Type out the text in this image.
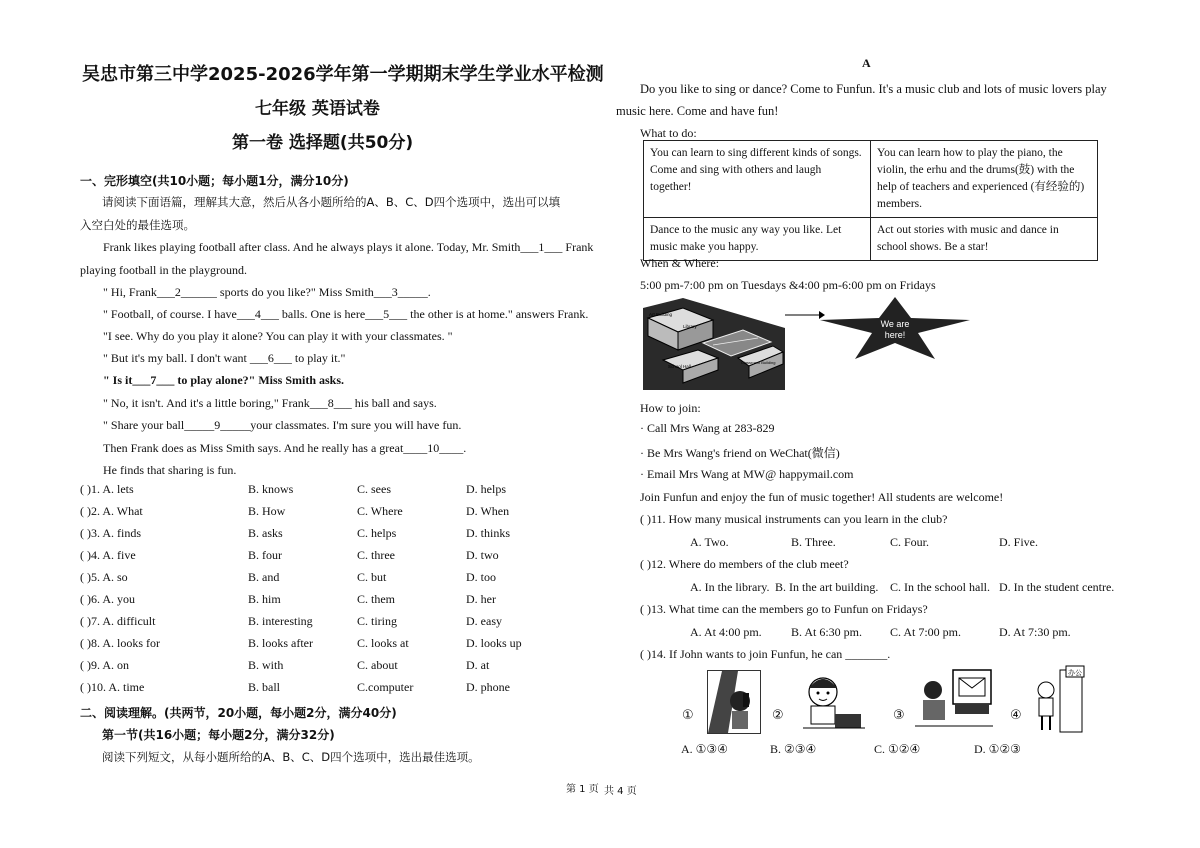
吴忠市第三中学2025-2026学年第一学期期末学生学业水平检测
七年级 英语试卷
第一卷 选择题(共50分)
一、完形填空(共10小题；每小题1分，满分10分)
请阅读下面语篇，理解其大意，然后从各小题所给的A、B、C、D四个选项中，选出可以填
入空白处的最佳选项。
Frank likes playing football after class. And he always plays it alone. Today, Mr. Smith___1___ Frank
playing football in the playground.
" Hi, Frank___2______ sports do you like?" Miss Smith___3_____.
" Football, of course. I have___4___ balls. One is here___5___ the other is at home." answers Frank.
"I see. Why do you play it alone? You can play it with your classmates. "
" But it's my ball. I don't want ___6___ to play it."
" Is it___7___ to play alone?" Miss Smith asks.
" No, it isn't. And it's a little boring," Frank___8___ his ball and says.
" Share your ball_____9_____your classmates. I'm sure you will have fun.
Then Frank does as Miss Smith says. And he really has a great____10____.
He finds that sharing is fun.
( )1. A. lets	B. knows	C. sees	D. helps
( )2. A. What	B. How	C. Where	D. When
( )3. A. finds	B. asks	C. helps	D. thinks
( )4. A. five	B. four	C. three	D. two
( )5. A. so	B. and	C. but	D. too
( )6. A. you	B. him	C. them	D. her
( )7. A. difficult	B. interesting	C. tiring	D. easy
( )8. A. looks for	B. looks after	C. looks at	D. looks up
( )9. A. on	B. with	C. about	D. at
( )10. A. time	B. ball	C.computer	D. phone
二、阅读理解。(共两节，20小题，每小题2分，满分40分)
第一节(共16小题；每小题2分，满分32分)
阅读下列短文，从每小题所给的A、B、C、D四个选项中，选出最佳选项。
A
Do you like to sing or dance? Come to Funfun. It's a music club and lots of music lovers play
music here. Come and have fun!
What to do:
You can learn to sing different kinds of songs. Come and sing with others and laugh together!	You can learn how to play the piano, the violin, the erhu and the drums(鼓) with the help of teachers and experienced (有经验的) members.
Dance to the music any way you like. Let music make you happy.	Act out stories with music and dance in school shows. Be a star!
When & Where:
5:00 pm-7:00 pm on Tuesdays &4:00 pm-6:00 pm on Fridays
Art Building
Library
School Hall
Classroom Building
We are
here!
How to join:
· Call Mrs Wang at 283-829
· Be Mrs Wang's friend on WeChat(微信)
· Email Mrs Wang at MW@ happymail.com
Join Funfun and enjoy the fun of music together! All students are welcome!
( )11. How many musical instruments can you learn in the club?
A. Two.	B. Three.	C. Four.	D. Five.
( )12. Where do members of the club meet?
A. In the library. B. In the art building. C. In the school hall. D. In the student centre.
( )13. What time can the members go to Funfun on Fridays?
A. At 4:00 pm. B. At 6:30 pm. C. At 7:00 pm.	D. At 7:30 pm.
( )14. If John wants to join Funfun, he can _______.
①	②	③	④
办公
A. ①③④	B. ②③④	C. ①②④	D. ①②③
第 1 页 共 4 页
